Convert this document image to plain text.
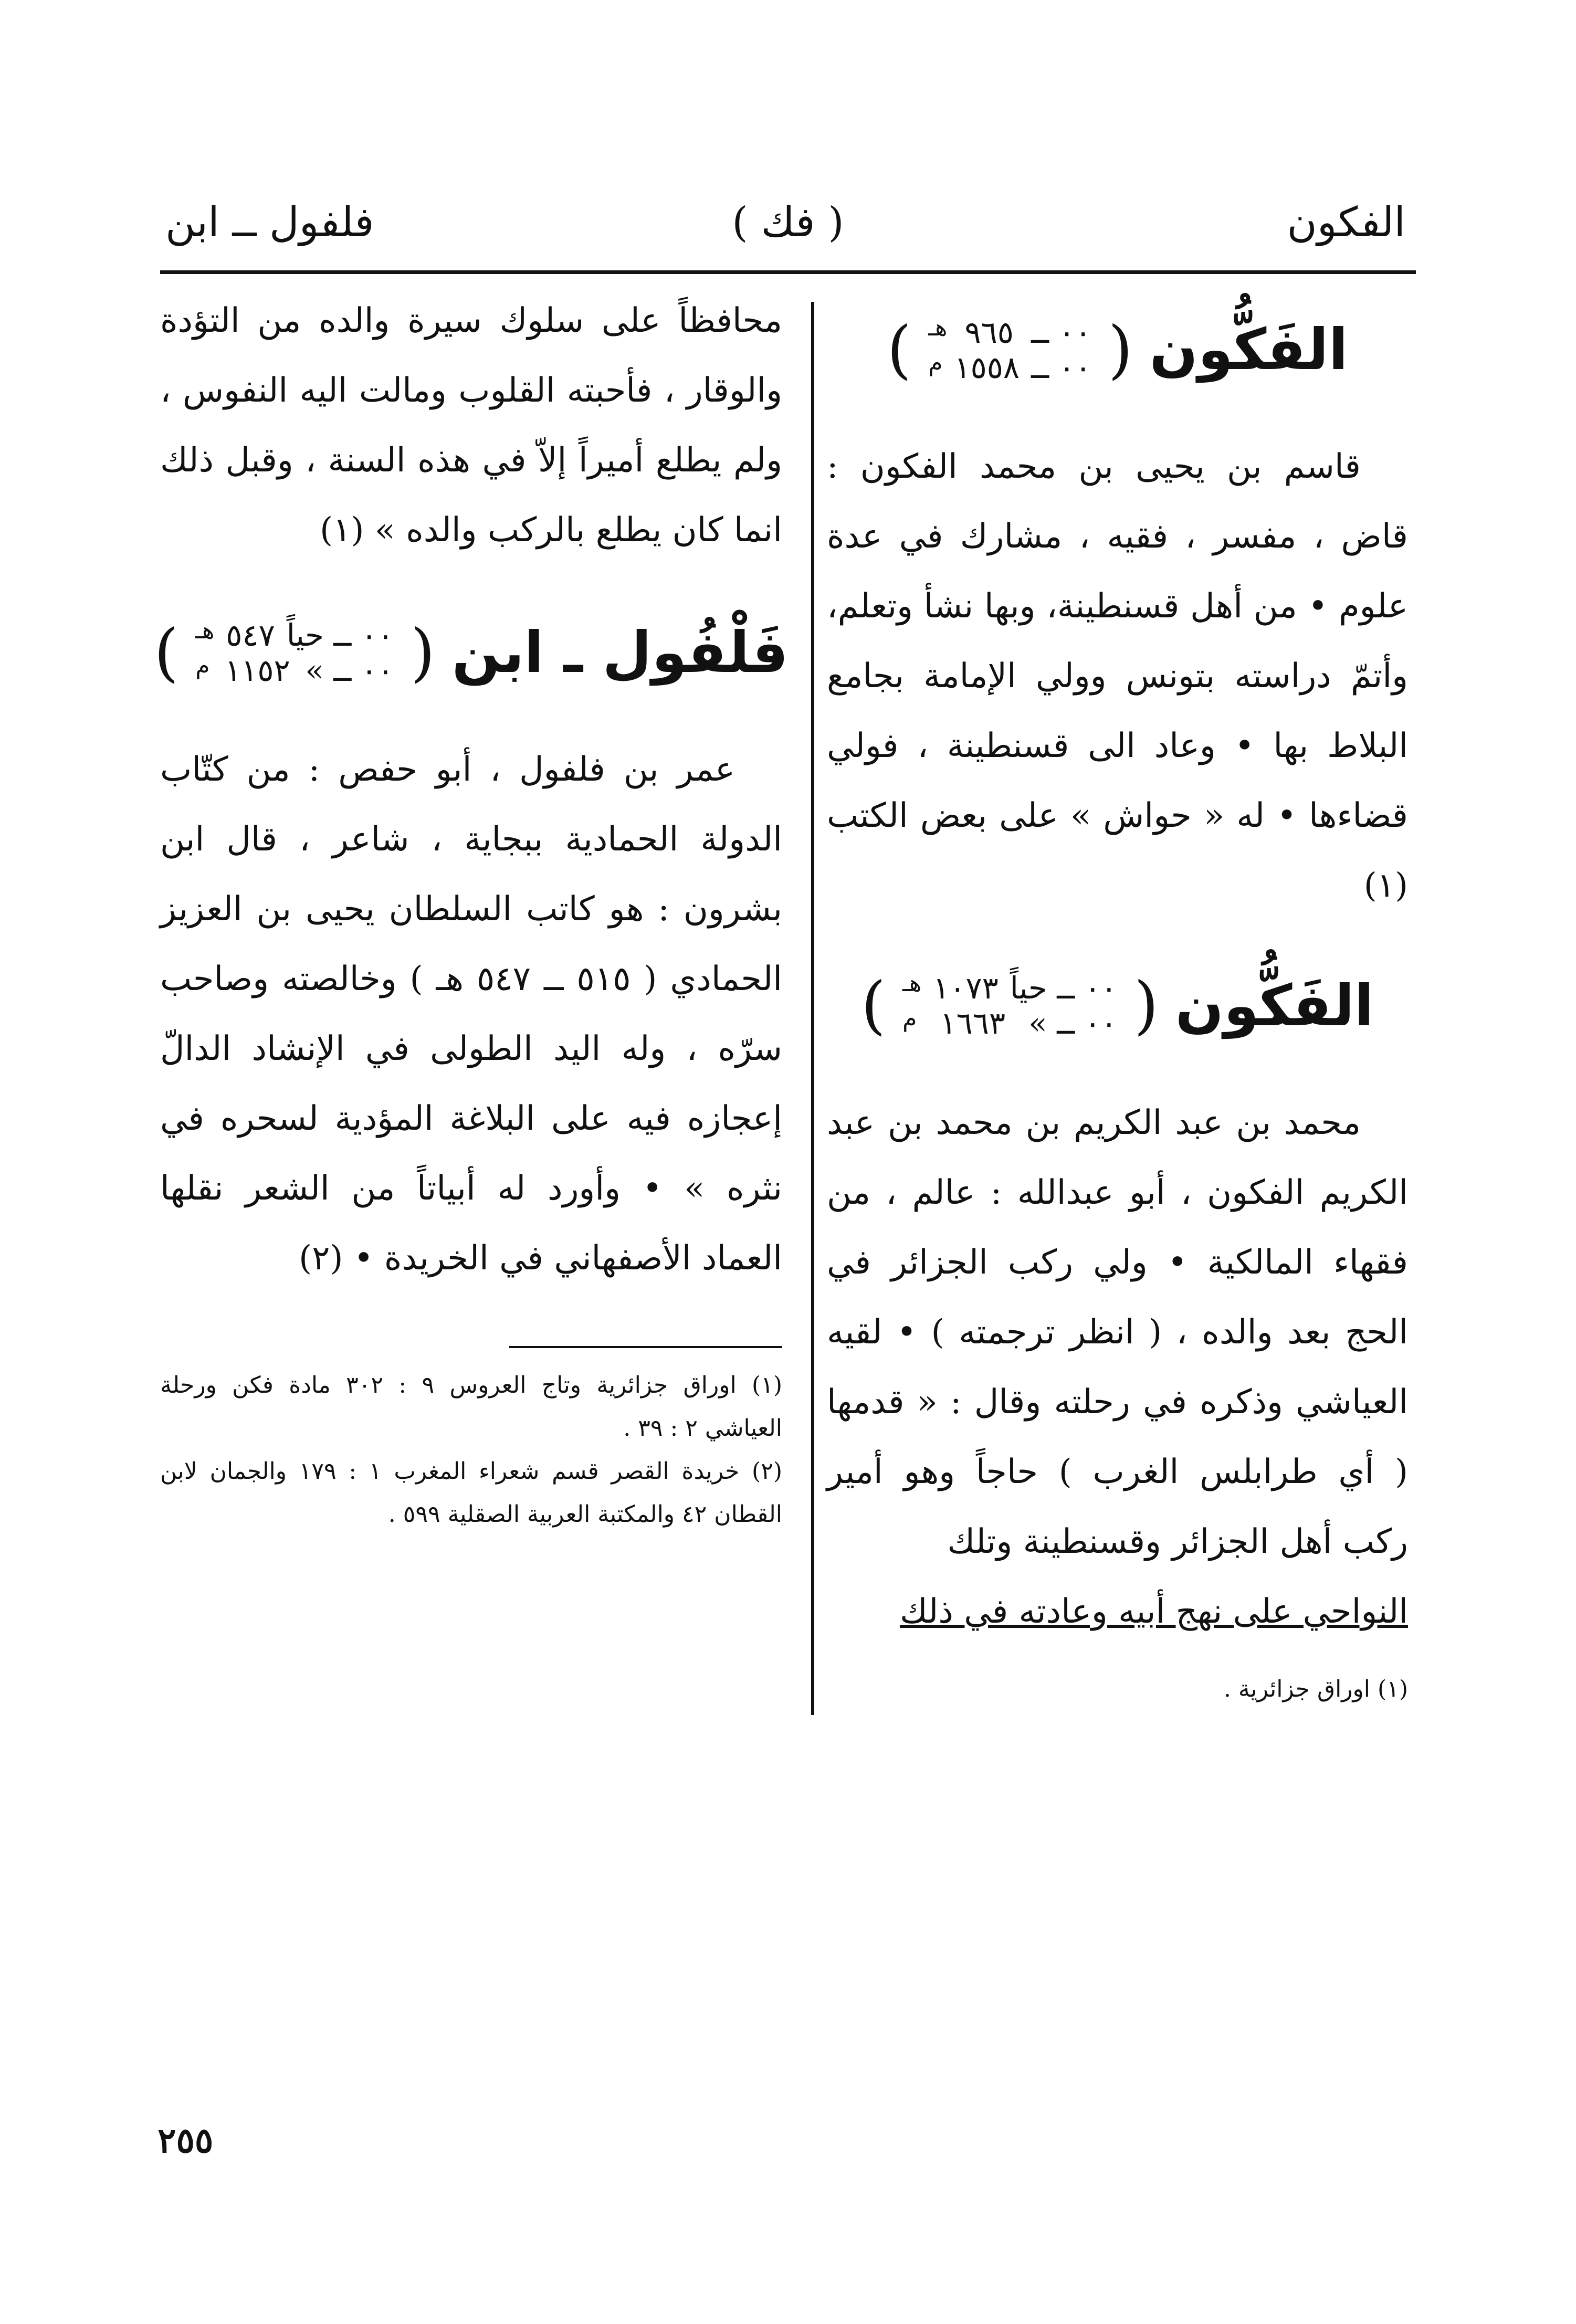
الفكون
( فك )
فلفول ــ ابن
الفَكُّون
(
٠٠ ــ
٩٦٥
هـ
٠٠ ــ
١٥٥٨
م
)

قاسم بن يحيى بن محمد الفكون : قاض ، مفسر ، فقيه ، مشارك في عدة علوم • من أهل قسنطينة، وبها نشأ وتعلم، وأتمّ دراسته بتونس وولي الإمامة بجامع البلاط بها • وعاد الى قسنطينة ، فولي قضاءها • له « حواش » على بعض الكتب (١)

الفَكُّون
(
٠٠ ــ حياً
١٠٧٣
هـ
٠٠ ــ »
١٦٦٣
م
)

محمد بن عبد الكريم بن محمد بن عبد الكريم الفكون ، أبو عبدالله : عالم ، من فقهاء المالكية • ولي ركب الجزائر في الحج بعد والده ، ( انظر ترجمته ) • لقيه العياشي وذكره في رحلته وقال : « قدمها ( أي طرابلس الغرب ) حاجاً وهو أمير ركب أهل الجزائر وقسنطينة وتلك

النواحي على نهج أبيه وعادته في ذلك

(١) اوراق جزائرية .

محافظاً على سلوك سيرة والده من التؤدة والوقار ، فأحبته القلوب ومالت اليه النفوس ، ولم يطلع أميراً إلاّ في هذه السنة ، وقبل ذلك انما كان يطلع بالركب والده » (١)

فَلْفُول ـ ابن
(
٠٠ ــ حياً
٥٤٧
هـ
٠٠ ــ »
١١٥٢
م
)

عمر بن فلفول ، أبو حفص : من كتّاب الدولة الحمادية ببجاية ، شاعر ، قال ابن بشرون : هو كاتب السلطان يحيى بن العزيز الحمادي ( ٥١٥ ــ ٥٤٧ هـ ) وخالصته وصاحب سرّه ، وله اليد الطولى في الإنشاد الدالّ إعجازه فيه على البلاغة المؤدية لسحره في نثره » • وأورد له أبياتاً من الشعر نقلها العماد الأصفهاني في الخريدة • (٢)

(١) اوراق جزائرية وتاج العروس ٩ : ٣٠٢ مادة فكن ورحلة العياشي ٢ : ٣٩ .

(٢) خريدة القصر قسم شعراء المغرب ١ : ١٧٩ والجمان لابن القطان ٤٢ والمكتبة العربية الصقلية ٥٩٩ .

٢٥٥
